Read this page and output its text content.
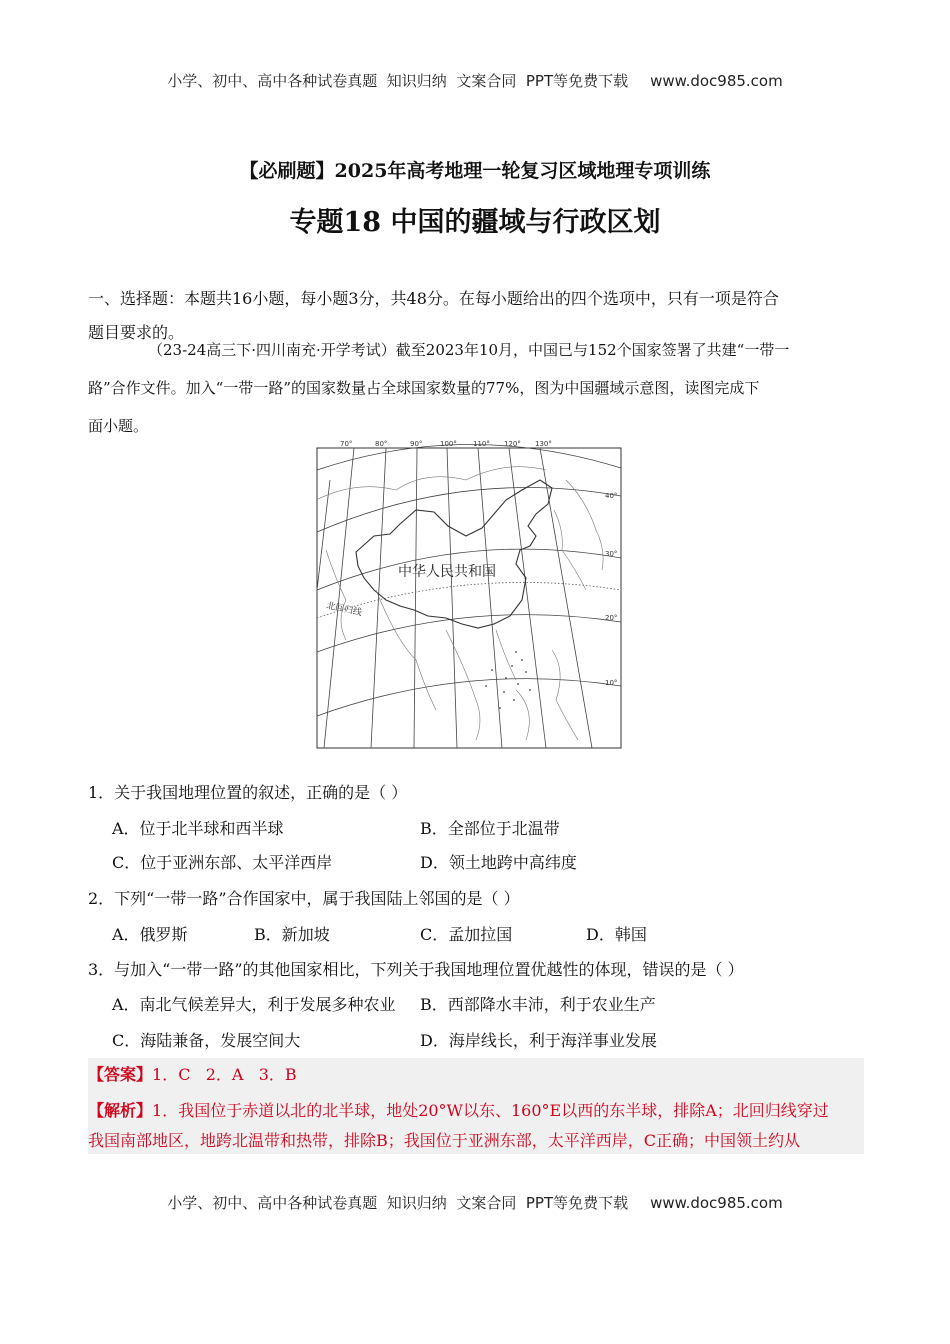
小学、初中、高中各种试卷真题  知识归纳  文案合同  PPT等免费下载 www.doc985.com
【必刷题】2025年高考地理一轮复习区域地理专项训练
专题18 中国的疆域与行政区划
一、选择题：本题共16小题，每小题3分，共48分。在每小题给出的四个选项中，只有一项是符合
题目要求的。
（23-24高三下·四川南充·开学考试）截至2023年10月，中国已与152个国家签署了共建“一带一
路”合作文件。加入“一带一路”的国家数量占全球国家数量的77%，图为中国疆域示意图，读图完成下
面小题。
70°	80°	90°	100° 110° 120° 130°
40°
30°
20°
10°
北回归线
中华人民共和国
1．关于我国地理位置的叙述，正确的是（ ）
A．位于北半球和西半球	B．全部位于北温带
C．位于亚洲东部、太平洋西岸	D．领土地跨中高纬度
2．下列“一带一路”合作国家中，属于我国陆上邻国的是（ ）
A．俄罗斯	B．新加坡	C．孟加拉国	D．韩国
3．与加入“一带一路”的其他国家相比，下列关于我国地理位置优越性的体现，错误的是（ ）
A．南北气候差异大，利于发展多种农业 B．西部降水丰沛，利于农业生产
C．海陆兼备，发展空间大	D．海岸线长，利于海洋事业发展
【答案】1．C   2．A   3．B
【解析】1．我国位于赤道以北的北半球，地处20°W以东、160°E以西的东半球，排除A；北回归线穿过
我国南部地区，地跨北温带和热带，排除B；我国位于亚洲东部，太平洋西岸，C正确；中国领土约从
小学、初中、高中各种试卷真题  知识归纳  文案合同  PPT等免费下载 www.doc985.com
